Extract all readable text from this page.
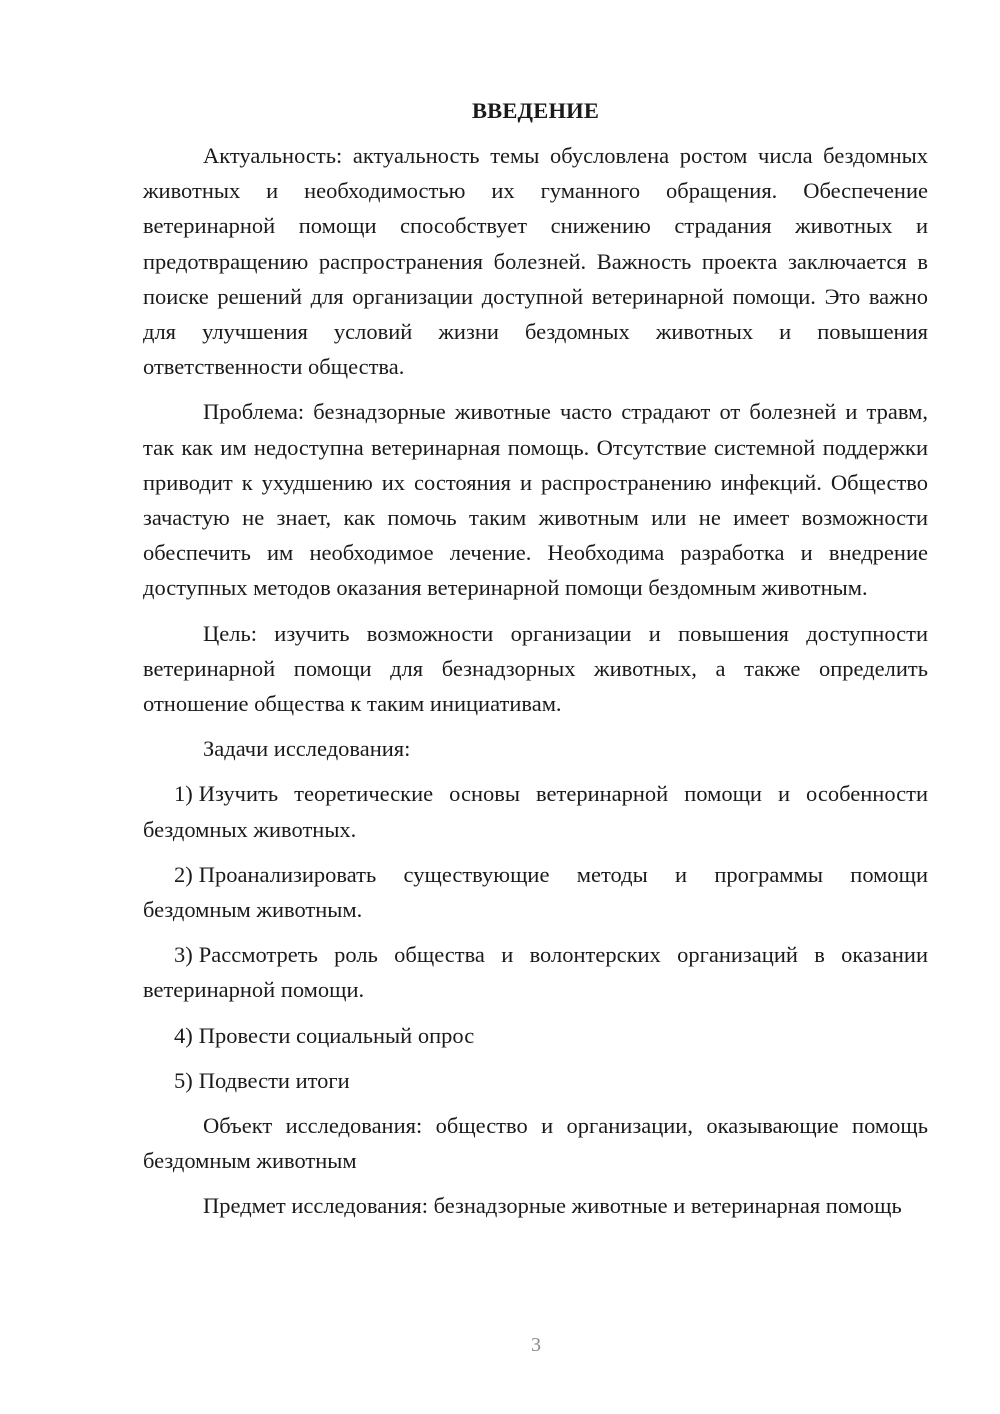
ВВЕДЕНИЕ

Актуальность: актуальность темы обусловлена ростом числа бездомных животных и необходимостью их гуманного обращения. Обеспечение ветеринарной помощи способствует снижению страдания животных и предотвращению распространения болезней. Важность проекта заключается в поиске решений для организации доступной ветеринарной помощи. Это важно для улучшения условий жизни бездомных животных и повышения ответственности общества.

Проблема: безнадзорные животные часто страдают от болезней и травм, так как им недоступна ветеринарная помощь. Отсутствие системной поддержки приводит к ухудшению их состояния и распространению инфекций. Общество зачастую не знает, как помочь таким животным или не имеет возможности обеспечить им необходимое лечение. Необходима разработка и внедрение доступных методов оказания ветеринарной помощи бездомным животным.

Цель: изучить возможности организации и повышения доступности ветеринарной помощи для безнадзорных животных, а также определить отношение общества к таким инициативам.

Задачи исследования:

1) Изучить теоретические основы ветеринарной помощи и особенности бездомных животных.

2) Проанализировать существующие методы и программы помощи бездомным животным.

3) Рассмотреть роль общества и волонтерских организаций в оказании ветеринарной помощи.

4) Провести социальный опрос

5) Подвести итоги

Объект исследования: общество и организации, оказывающие помощь бездомным животным

Предмет исследования: безнадзорные животные и ветеринарная помощь

3
